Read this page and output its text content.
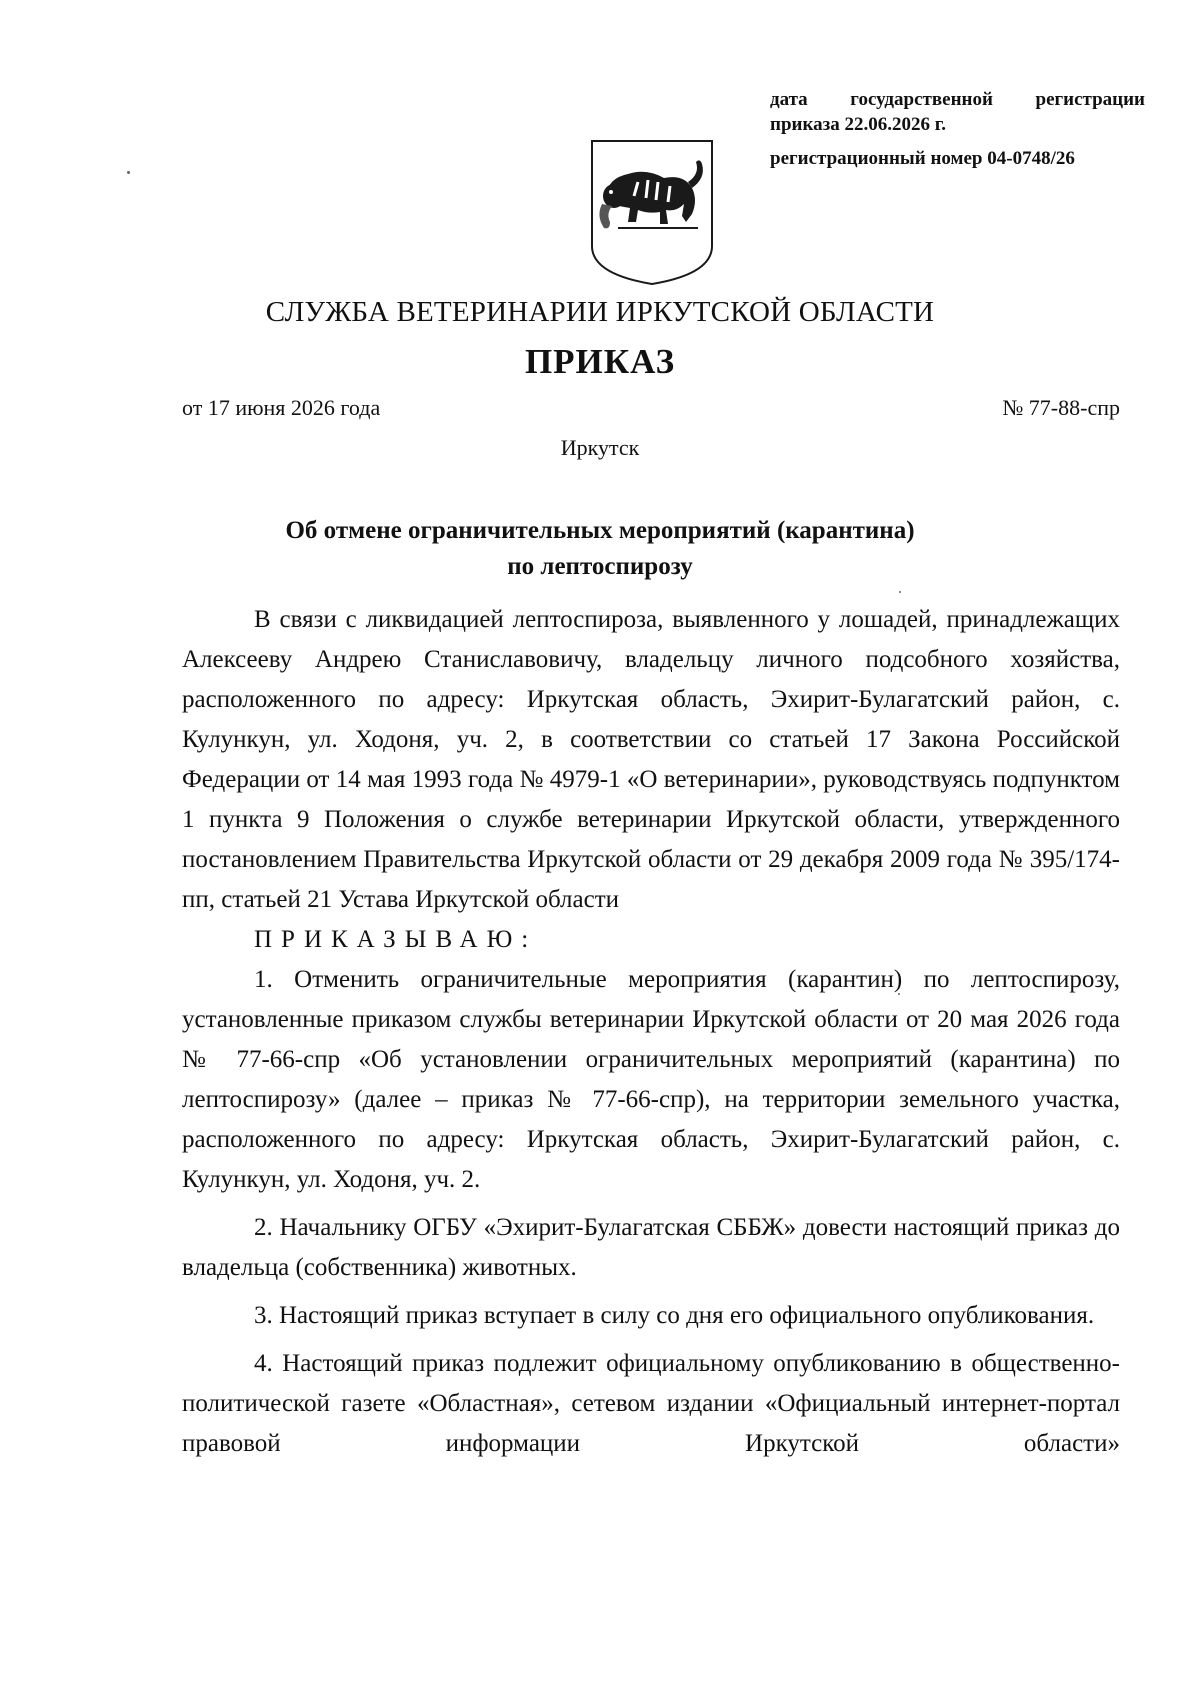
дата государственной регистрации
приказа 22.06.2026 г.
регистрационный номер 04-0748/26
СЛУЖБА ВЕТЕРИНАРИИ ИРКУТСКОЙ ОБЛАСТИ
ПРИКАЗ
от 17 июня 2026 года	№ 77-88-спр
Иркутск
Об отмене ограничительных мероприятий (карантина)
по лептоспирозу

В связи с ликвидацией лептоспироза, выявленного у лошадей, принадлежащих Алексееву Андрею Станиславовичу, владельцу личного подсобного хозяйства, расположенного по адресу: Иркутская область, Эхирит-Булагатский район, с. Кулункун, ул. Ходоня, уч. 2, в соответствии со статьей 17 Закона Российской Федерации от 14 мая 1993 года № 4979-1 «О ветеринарии», руководствуясь подпунктом 1 пункта 9 Положения о службе ветеринарии Иркутской области, утвержденного постановлением Правительства Иркутской области от 29 декабря 2009 года № 395/174-пп, статьей 21 Устава Иркутской области

ПРИКАЗЫВАЮ:

1. Отменить ограничительные мероприятия (карантин) по лептоспирозу, установленные приказом службы ветеринарии Иркутской области от 20 мая 2026 года № 77-66-спр «Об установлении ограничительных мероприятий (карантина) по лептоспирозу» (далее – приказ № 77-66-спр), на территории земельного участка, расположенного по адресу: Иркутская область, Эхирит-Булагатский район, с. Кулункун, ул. Ходоня, уч. 2.

2. Начальнику ОГБУ «Эхирит-Булагатская СББЖ» довести настоящий приказ до владельца (собственника) животных.

3. Настоящий приказ вступает в силу со дня его официального опубликования.

4. Настоящий приказ подлежит официальному опубликованию в общественно-политической газете «Областная», сетевом издании «Официальный интернет-портал правовой информации Иркутской области»
